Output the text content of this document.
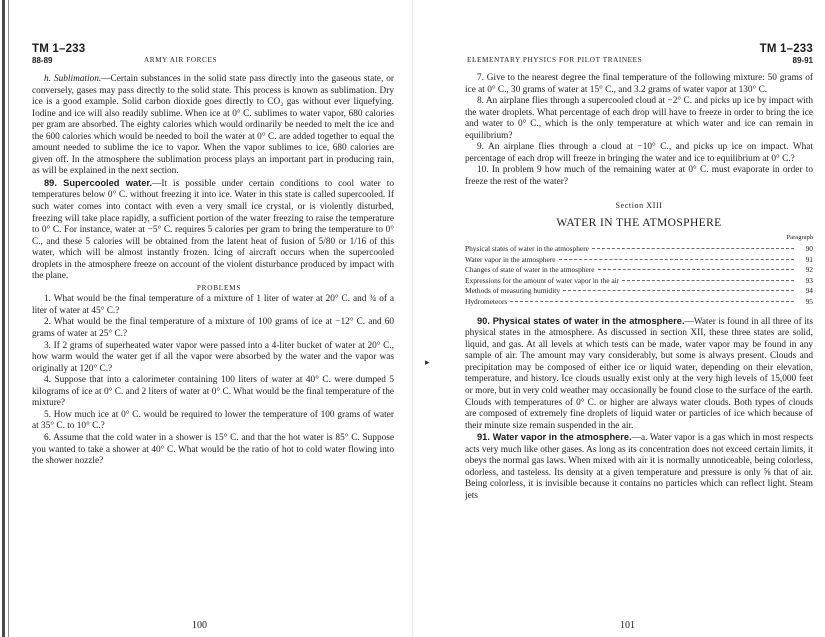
▸
TM 1–233
88-89	ARMY AIR FORCES

h. Sublimation.—Certain substances in the solid state pass directly into the gaseous state, or conversely, gases may pass directly to the solid state. This process is known as sublimation. Dry ice is a good example. Solid carbon dioxide goes directly to CO₂ gas without ever liquefying. Iodine and ice will also readily sublime. When ice at 0° C. sublimes to water vapor, 680 calories per gram are absorbed. The eighty calories which would ordinarily be needed to melt the ice and the 600 calories which would be needed to boil the water at 0° C. are added together to equal the amount needed to sublime the ice to vapor. When the vapor sublimes to ice, 680 calories are given off. In the atmosphere the sublimation process plays an important part in producing rain, as will be explained in the next section.

89. Supercooled water.—It is possible under certain conditions to cool water to temperatures below 0° C. without freezing it into ice. Water in this state is called supercooled. If such water comes into contact with even a very small ice crystal, or is violently disturbed, freezing will take place rapidly, a sufficient portion of the water freezing to raise the temperature to 0° C. For instance, water at −5° C. requires 5 calories per gram to bring the temperature to 0° C., and these 5 calories will be obtained from the latent heat of fusion of 5/80 or 1/16 of this water, which will be almost instantly frozen. Icing of aircraft occurs when the supercooled droplets in the atmosphere freeze on account of the violent disturbance produced by impact with the plane.

PROBLEMS

1. What would be the final temperature of a mixture of 1 liter of water at 20° C. and ¾ of a liter of water at 45° C.?

2. What would be the final temperature of a mixture of 100 grams of ice at −12° C. and 60 grams of water at 25° C.?

3. If 2 grams of superheated water vapor were passed into a 4-liter bucket of water at 20° C., how warm would the water get if all the vapor were absorbed by the water and the vapor was originally at 120° C.?

4. Suppose that into a calorimeter containing 100 liters of water at 40° C. were dumped 5 kilograms of ice at 0° C. and 2 liters of water at 0° C. What would be the final temperature of the mixture?

5. How much ice at 0° C. would be required to lower the temperature of 100 grams of water at 35° C. to 10° C.?

6. Assume that the cold water in a shower is 15° C. and that the hot water is 85° C. Suppose you wanted to take a shower at 40° C. What would be the ratio of hot to cold water flowing into the shower nozzle?

100
TM 1–233
89-91
ELEMENTARY PHYSICS FOR PILOT TRAINEES

7. Give to the nearest degree the final temperature of the following mixture: 50 grams of ice at 0° C., 30 grams of water at 15° C., and 3.2 grams of water vapor at 130° C.

8. An airplane flies through a supercooled cloud at −2° C. and picks up ice by impact with the water droplets. What percentage of each drop will have to freeze in order to bring the ice and water to 0° C., which is the only temperature at which water and ice can remain in equilibrium?

9. An airplane flies through a cloud at −10° C., and picks up ice on impact. What percentage of each drop will freeze in bringing the water and ice to equilibrium at 0° C.?

10. In problem 9 how much of the remaining water at 0° C. must evaporate in order to freeze the rest of the water?

Section XIII
WATER IN THE ATMOSPHERE
Paragraph
Physical states of water in the atmosphere	90
Water vapor in the atmosphere	91
Changes of state of water in the atmosphere	92
Expressions for the amount of water vapor in the air	93
Methods of measuring humidity	94
Hydrometeors	95

90. Physical states of water in the atmosphere.—Water is found in all three of its physical states in the atmosphere. As discussed in section XII, these three states are solid, liquid, and gas. At all levels at which tests can be made, water vapor may be found in any sample of air. The amount may vary considerably, but some is always present. Clouds and precipitation may be composed of either ice or liquid water, depending on their elevation, temperature, and history. Ice clouds usually exist only at the very high levels of 15,000 feet or more, but in very cold weather may occasionally be found close to the surface of the earth. Clouds with temperatures of 0° C. or higher are always water clouds. Both types of clouds are composed of extremely fine droplets of liquid water or particles of ice which because of their minute size remain suspended in the air.

91. Water vapor in the atmosphere.—a. Water vapor is a gas which in most respects acts very much like other gases. As long as its concentration does not exceed certain limits, it obeys the normal gas laws. When mixed with air it is normally unnoticeable, being colorless, odorless, and tasteless. Its density at a given temperature and pressure is only ⅝ that of air. Being colorless, it is invisible because it contains no particles which can reflect light. Steam jets

101
